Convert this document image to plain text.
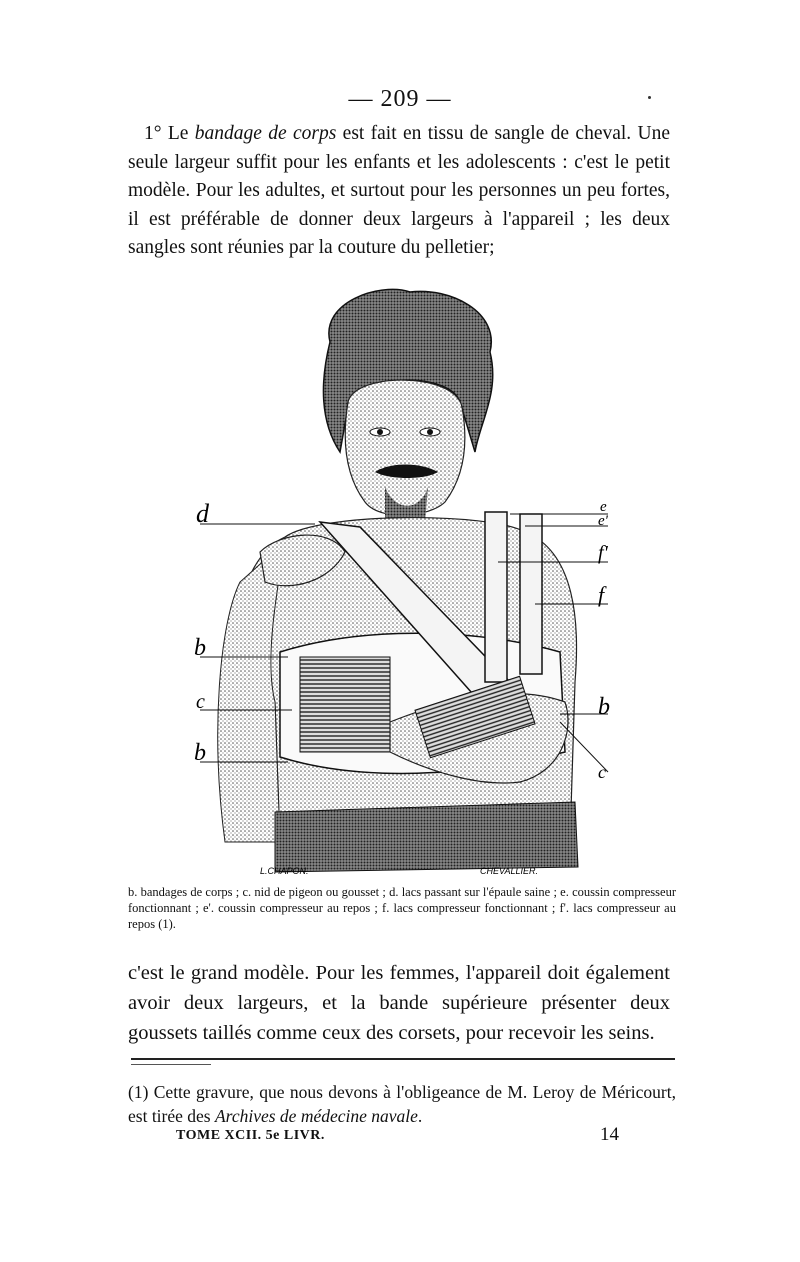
— 209 —
1° Le bandage de corps est fait en tissu de sangle de cheval. Une seule largeur suffit pour les enfants et les adolescents : c'est le petit modèle. Pour les adultes, et surtout pour les personnes un peu fortes, il est préférable de donner deux largeurs à l'appareil ; les deux sangles sont réunies par la couture du pelletier;
d
b
c
b
e
e'
f'
f
b
c
L.CHAPON.	CHEVALLIER.
b. bandages de corps ; c. nid de pigeon ou gousset ; d. lacs passant sur l'épaule saine ; e. coussin compresseur fonctionnant ; e'. coussin compresseur au repos ; f. lacs compresseur fonctionnant ; f'. lacs compresseur au repos (1).
c'est le grand modèle. Pour les femmes, l'appareil doit également avoir deux largeurs, et la bande supérieure présenter deux goussets taillés comme ceux des corsets, pour recevoir les seins.
(1) Cette gravure, que nous devons à l'obligeance de M. Leroy de Méricourt, est tirée des Archives de médecine navale.
TOME XCII. 5e LIVR.	14
